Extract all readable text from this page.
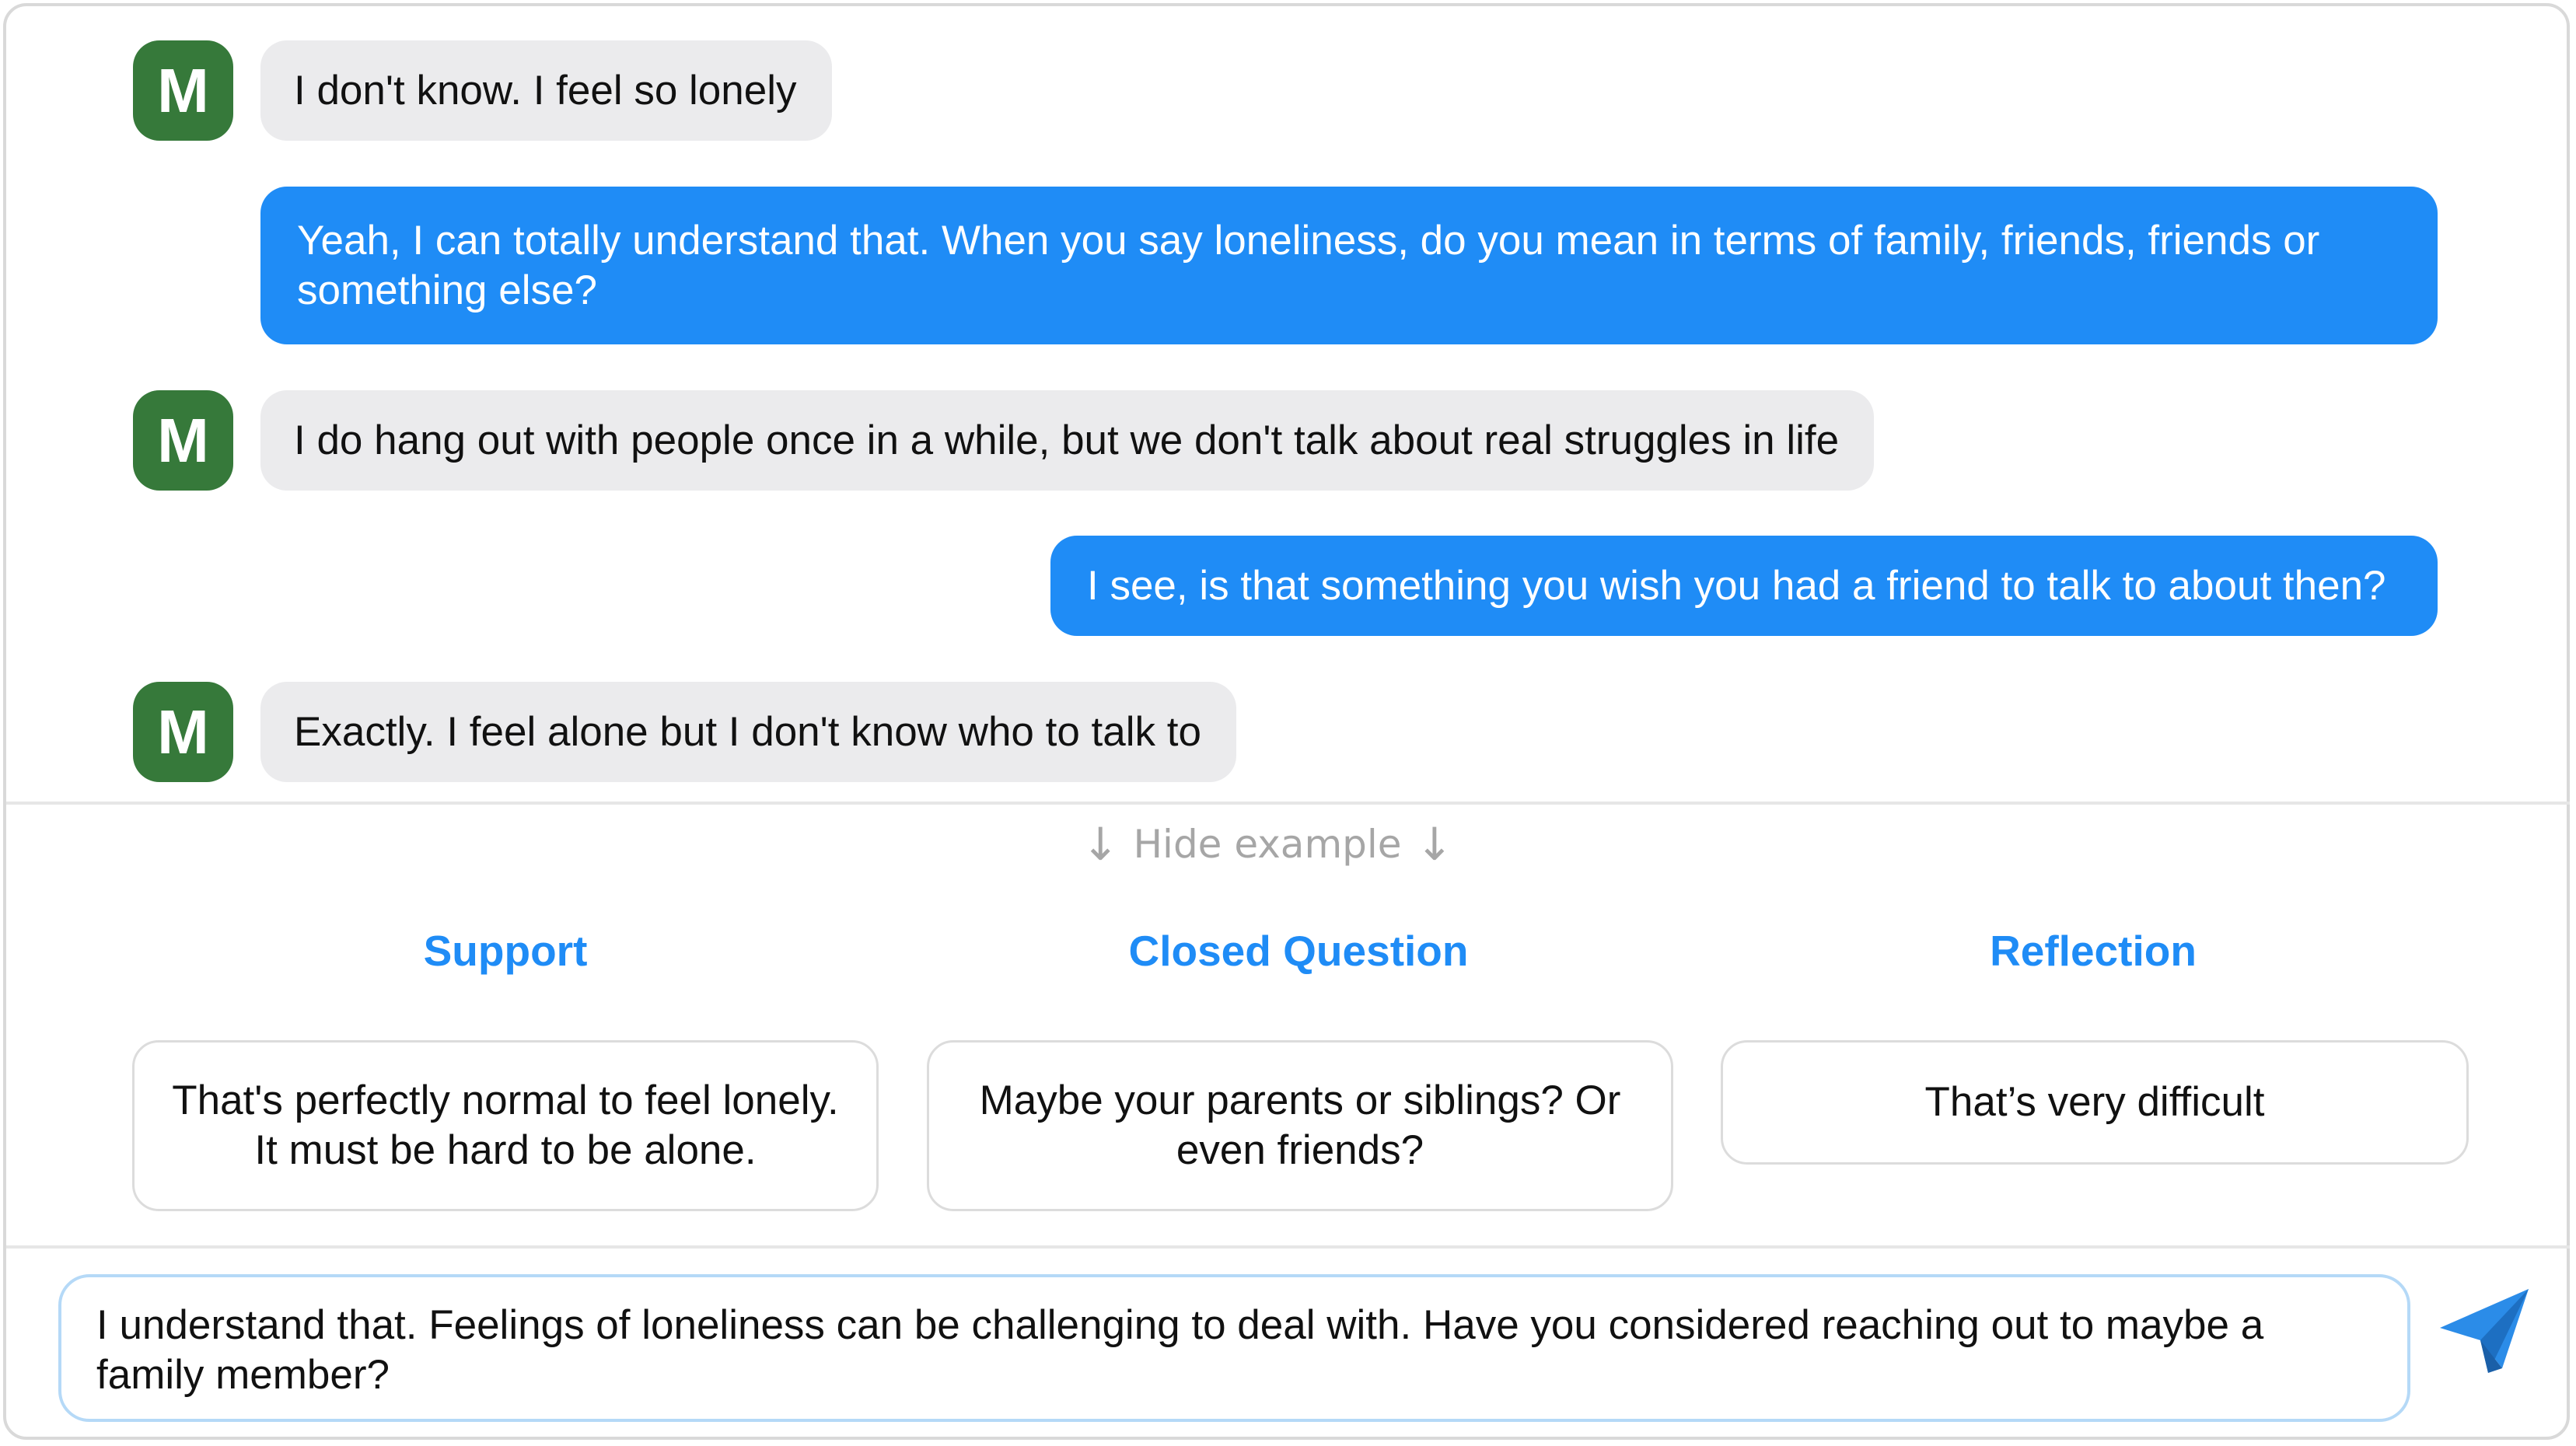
M I don't know. I feel so lonely
Yeah, I can totally understand that. When you say loneliness, do you mean in terms of family, friends, friends or something else?
M I do hang out with people once in a while, but we don't talk about real struggles in life
I see, is that something you wish you had a friend to talk to about then?
M Exactly. I feel alone but I don't know who to talk to
↓ Hide example ↓
Support	Closed Question	Reflection
That's perfectly normal to feel lonely. It must be hard to be alone.
Maybe your parents or siblings? Or even friends?
That’s very difficult
I understand that. Feelings of loneliness can be challenging to deal with. Have you considered reaching out to maybe a family member?
